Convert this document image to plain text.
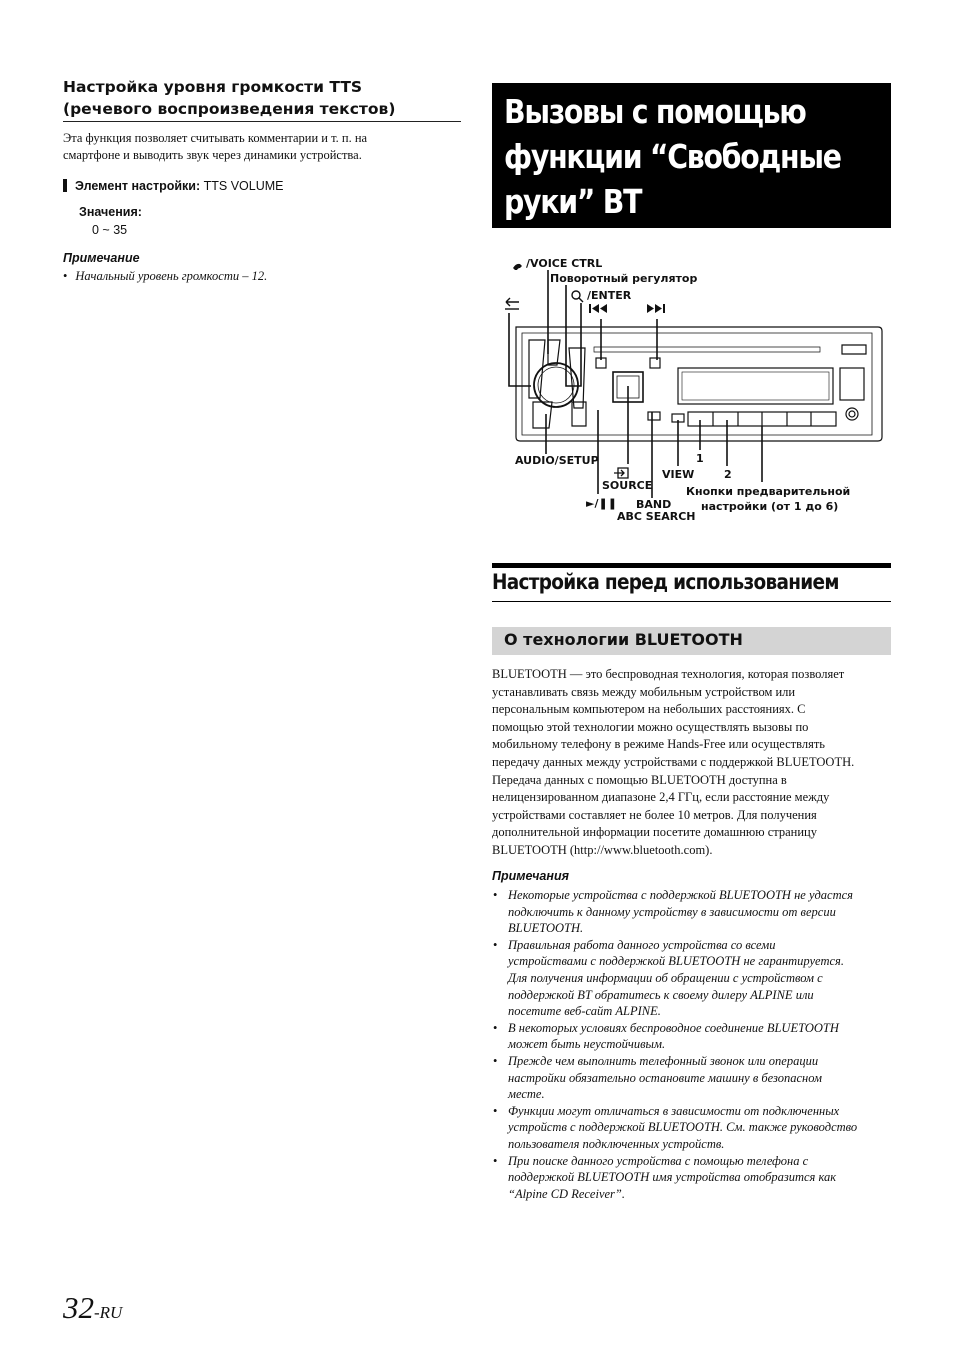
Настройка уровня громкости TTS
(речевого воспроизведения текстов)
Эта функция позволяет считывать комментарии и т. п. на
смартфоне и выводить звук через динамики устройства.
Элемент настройки: TTS VOLUME
Значения:
0 ~ 35
Примечание
• Начальный уровень громкости – 12.
Вызовы с помощью
функции “Свободные
руки” BT
/VOICE CTRL
Поворотный регулятор
/ENTER
AUDIO/SETUP
SOURCE
►/❚❚ BAND
ABC SEARCH
VIEW
1
2
Кнопки предварительной
настройки (от 1 до 6)
Настройка перед использованием
О технологии BLUETOOTH
BLUETOOTH — это беспроводная технология, которая позволяет
устанавливать связь между мобильным устройством или
персональным компьютером на небольших расстояниях. С
помощью этой технологии можно осуществлять вызовы по
мобильному телефону в режиме Hands-Free или осуществлять
передачу данных между устройствами с поддержкой BLUETOOTH.
Передача данных с помощью BLUETOOTH доступна в
нелицензированном диапазоне 2,4 ГГц, если расстояние между
устройствами составляет не более 10 метров. Для получения
дополнительной информации посетите домашнюю страницу
BLUETOOTH (http://www.bluetooth.com).
Примечания
• Некоторые устройства с поддержкой BLUETOOTH не удастся
подключить к данному устройству в зависимости от версии
BLUETOOTH.
• Правильная работа данного устройства со всеми
устройствами с поддержкой BLUETOOTH не гарантируется.
Для получения информации об обращении с устройством с
поддержкой BT обратитесь к своему дилеру ALPINE или
посетите веб-сайт ALPINE.
• В некоторых условиях беспроводное соединение BLUETOOTH
может быть неустойчивым.
• Прежде чем выполнить телефонный звонок или операции
настройки обязательно остановите машину в безопасном
месте.
• Функции могут отличаться в зависимости от подключенных
устройств с поддержкой BLUETOOTH. См. также руководство
пользователя подключенных устройств.
• При поиске данного устройства с помощью телефона с
поддержкой BLUETOOTH имя устройства отобразится как
“Alpine CD Receiver”.
32-RU
